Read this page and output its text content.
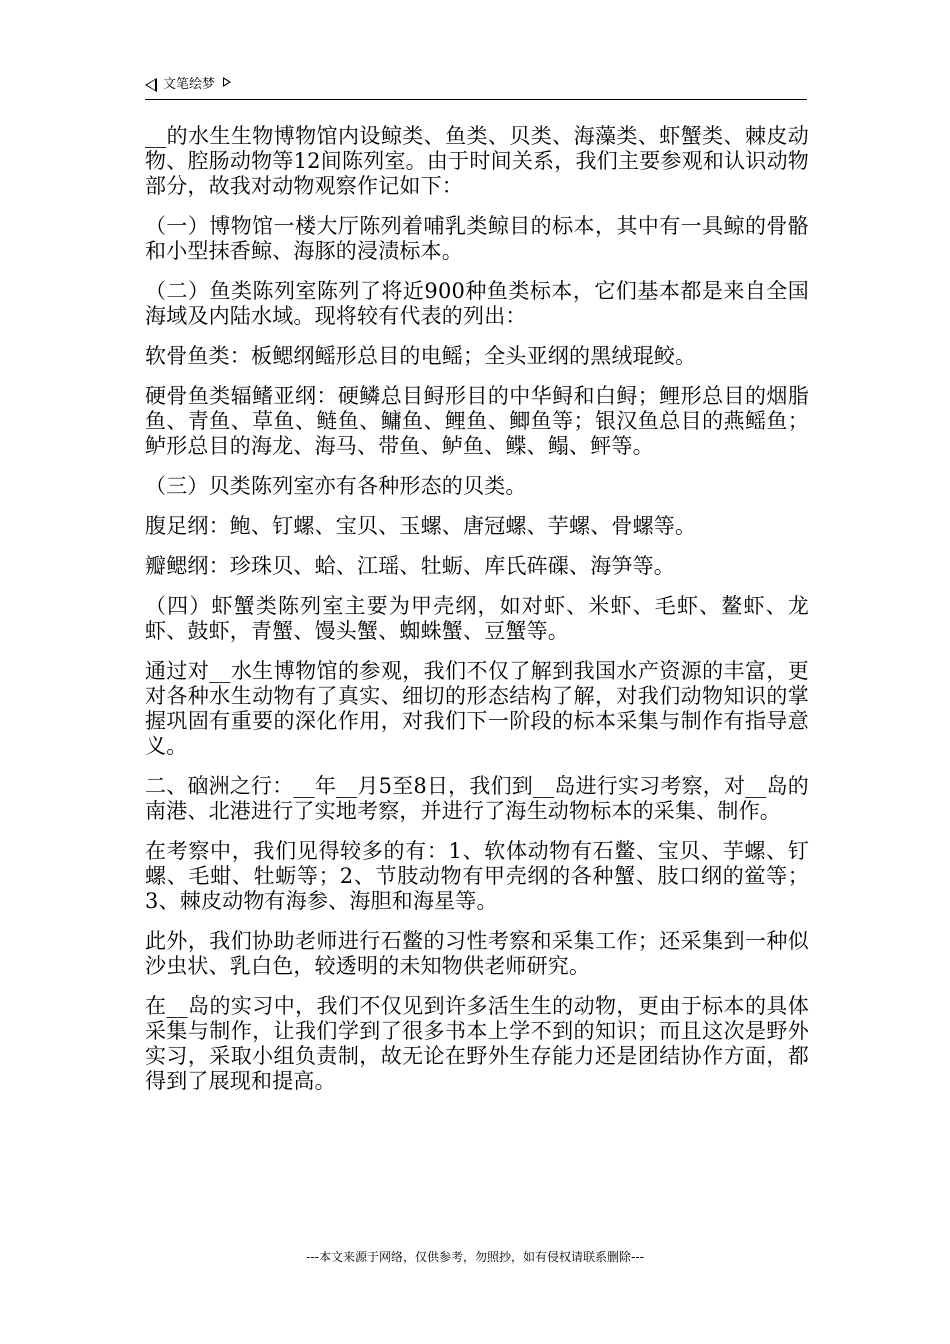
文笔绘梦

__的水生生物博物馆内设鲸类、鱼类、贝类、海藻类、虾蟹类、棘皮动物、腔肠动物等12间陈列室。由于时间关系，我们主要参观和认识动物部分，故我对动物观察作记如下：

（一）博物馆一楼大厅陈列着哺乳类鲸目的标本，其中有一具鲸的骨骼和小型抹香鲸、海豚的浸渍标本。

（二）鱼类陈列室陈列了将近900种鱼类标本，它们基本都是来自全国海域及内陆水域。现将较有代表的列出：

软骨鱼类：板鳃纲鳐形总目的电鳐；全头亚纲的黑绒琨鲛。

硬骨鱼类辐鳍亚纲：硬鳞总目鲟形目的中华鲟和白鲟；鲤形总目的烟脂鱼、青鱼、草鱼、鲢鱼、鳙鱼、鲤鱼、鲫鱼等；银汉鱼总目的燕鳐鱼；鲈形总目的海龙、海马、带鱼、鲈鱼、鲽、鳎、鲆等。

（三）贝类陈列室亦有各种形态的贝类。

腹足纲：鲍、钉螺、宝贝、玉螺、唐冠螺、芋螺、骨螺等。

瓣鳃纲：珍珠贝、蛤、江瑶、牡蛎、库氏砗磲、海笋等。

（四）虾蟹类陈列室主要为甲壳纲，如对虾、米虾、毛虾、鳌虾、龙虾、鼓虾，青蟹、馒头蟹、蜘蛛蟹、豆蟹等。

通过对__水生博物馆的参观，我们不仅了解到我国水产资源的丰富，更对各种水生动物有了真实、细切的形态结构了解，对我们动物知识的掌握巩固有重要的深化作用，对我们下一阶段的标本采集与制作有指导意义。

二、硇洲之行：__年__月5至8日，我们到__岛进行实习考察，对__岛的南港、北港进行了实地考察，并进行了海生动物标本的采集、制作。

在考察中，我们见得较多的有：1、软体动物有石鳖、宝贝、芋螺、钉螺、毛蚶、牡蛎等；2、节肢动物有甲壳纲的各种蟹、肢口纲的鲎等；3、棘皮动物有海参、海胆和海星等。

此外，我们协助老师进行石鳖的习性考察和采集工作；还采集到一种似沙虫状、乳白色，较透明的未知物供老师研究。

在__岛的实习中，我们不仅见到许多活生生的动物，更由于标本的具体采集与制作，让我们学到了很多书本上学不到的知识；而且这次是野外实习，采取小组负责制，故无论在野外生存能力还是团结协作方面，都得到了展现和提高。

---本文来源于网络，仅供参考，勿照抄，如有侵权请联系删除---
